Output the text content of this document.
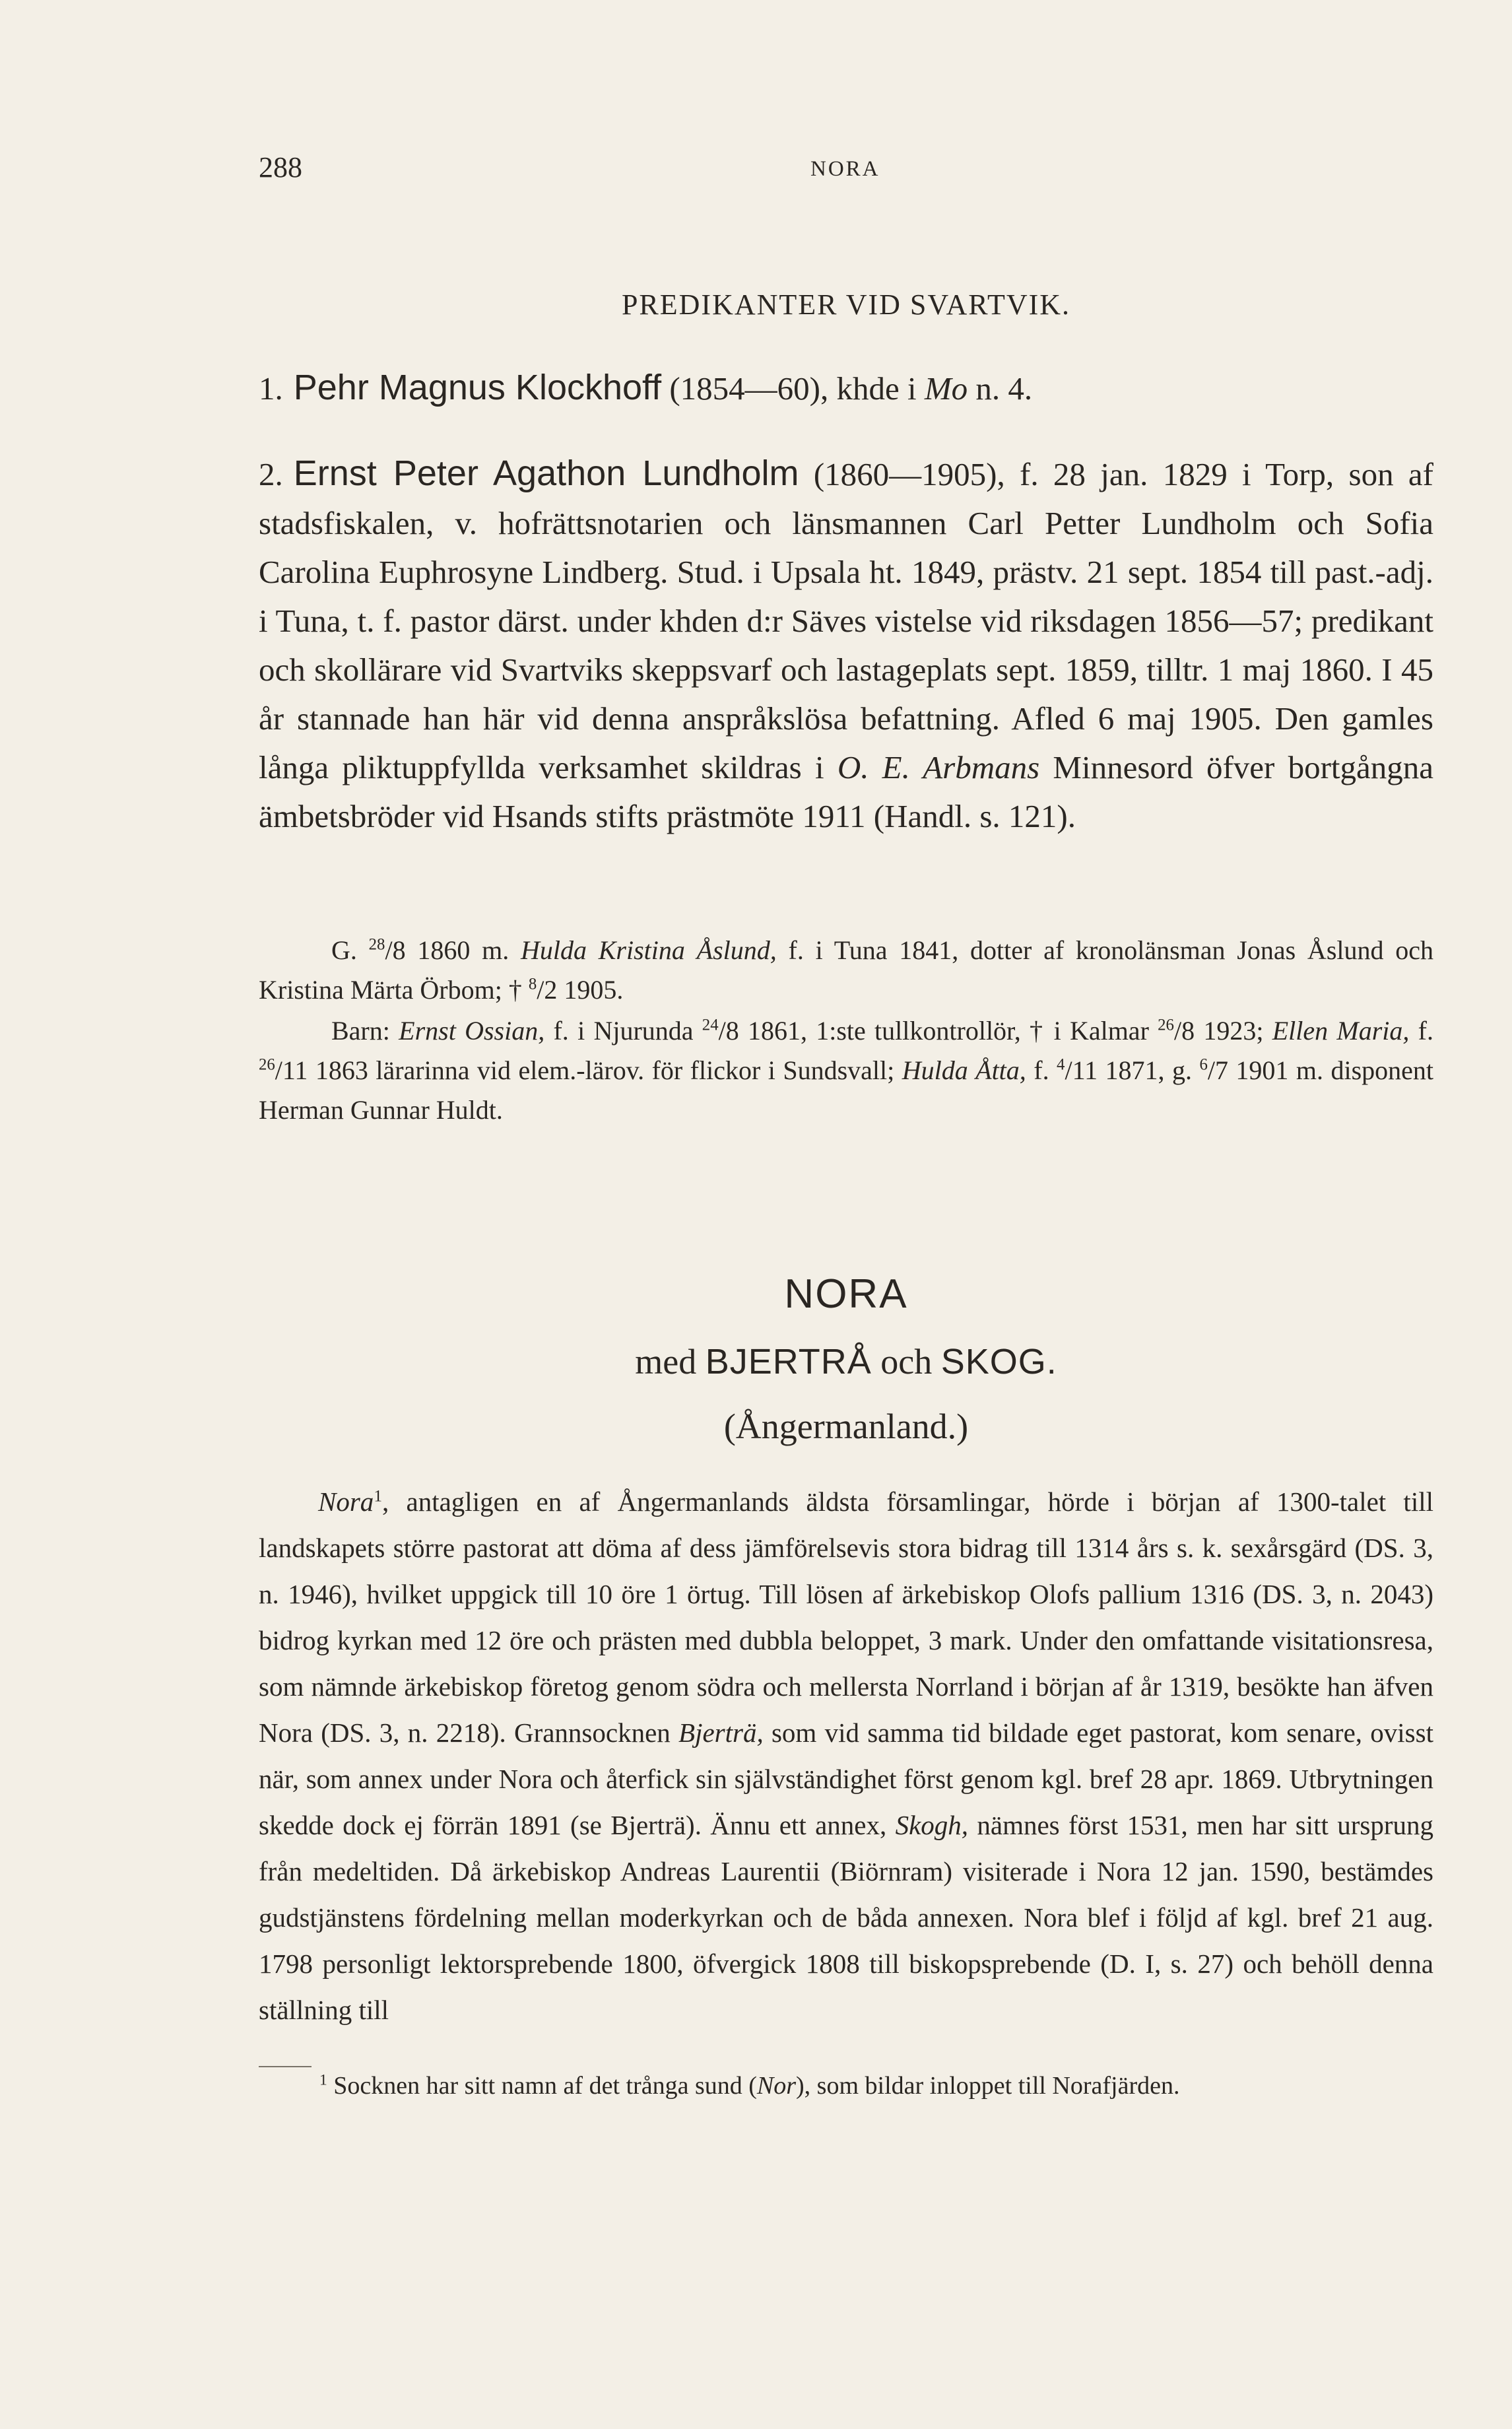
288	NORA
PREDIKANTER VID SVARTVIK.
1. Pehr Magnus Klockhoff (1854—60), khde i Mo n. 4.
2. Ernst Peter Agathon Lundholm (1860—1905), f. 28 jan. 1829 i Torp, son af stadsfiskalen, v. hofrättsnotarien och länsmannen Carl Petter Lundholm och Sofia Carolina Euphrosyne Lindberg. Stud. i Upsala ht. 1849, prästv. 21 sept. 1854 till past.-adj. i Tuna, t. f. pastor därst. under khden d:r Säves vistelse vid riksdagen 1856—57; predikant och skollärare vid Svartviks skeppsvarf och lastageplats sept. 1859, tilltr. 1 maj 1860. I 45 år stannade han här vid denna anspråkslösa befattning. Afled 6 maj 1905. Den gamles långa pliktuppfyllda verksamhet skildras i O. E. Arbmans Minnesord öfver bortgångna ämbetsbröder vid Hsands stifts prästmöte 1911 (Handl. s. 121).

G. $^{28}$/8 1860 m. Hulda Kristina Åslund, f. i Tuna 1841, dotter af kronolänsman Jonas Åslund och Kristina Märta Örbom; † $^8$/2 1905.

Barn: Ernst Ossian, f. i Njurunda $^{24}$/8 1861, 1:ste tullkontrollör, † i Kalmar $^{26}$/8 1923; Ellen Maria, f. $^{26}$/11 1863 lärarinna vid elem.-lärov. för flickor i Sundsvall; Hulda Åtta, f. $^4$/11 1871, g. $^6$/7 1901 m. disponent Herman Gunnar Huldt.

NORA
med BJERTRÅ och SKOG.
(Ångermanland.)

Nora$^1$, antagligen en af Ångermanlands äldsta församlingar, hörde i början af 1300-talet till landskapets större pastorat att döma af dess jämförelsevis stora bidrag till 1314 års s. k. sexårsgärd (DS. 3, n. 1946), hvilket uppgick till 10 öre 1 örtug. Till lösen af ärkebiskop Olofs pallium 1316 (DS. 3, n. 2043) bidrog kyrkan med 12 öre och prästen med dubbla beloppet, 3 mark. Under den omfattande visitationsresa, som nämnde ärkebiskop företog genom södra och mellersta Norrland i början af år 1319, besökte han äfven Nora (DS. 3, n. 2218). Grannsocknen Bjerträ, som vid samma tid bildade eget pastorat, kom senare, ovisst när, som annex under Nora och återfick sin självständighet först genom kgl. bref 28 apr. 1869. Utbrytningen skedde dock ej förrän 1891 (se Bjerträ). Ännu ett annex, Skogh, nämnes först 1531, men har sitt ursprung från medeltiden. Då ärkebiskop Andreas Laurentii (Biörnram) visiterade i Nora 12 jan. 1590, bestämdes gudstjänstens fördelning mellan moderkyrkan och de båda annexen. Nora blef i följd af kgl. bref 21 aug. 1798 personligt lektorsprebende 1800, öfvergick 1808 till biskopsprebende (D. I, s. 27) och behöll denna ställning till

$^1$ Socknen har sitt namn af det trånga sund (Nor), som bildar inloppet till Norafjärden.
